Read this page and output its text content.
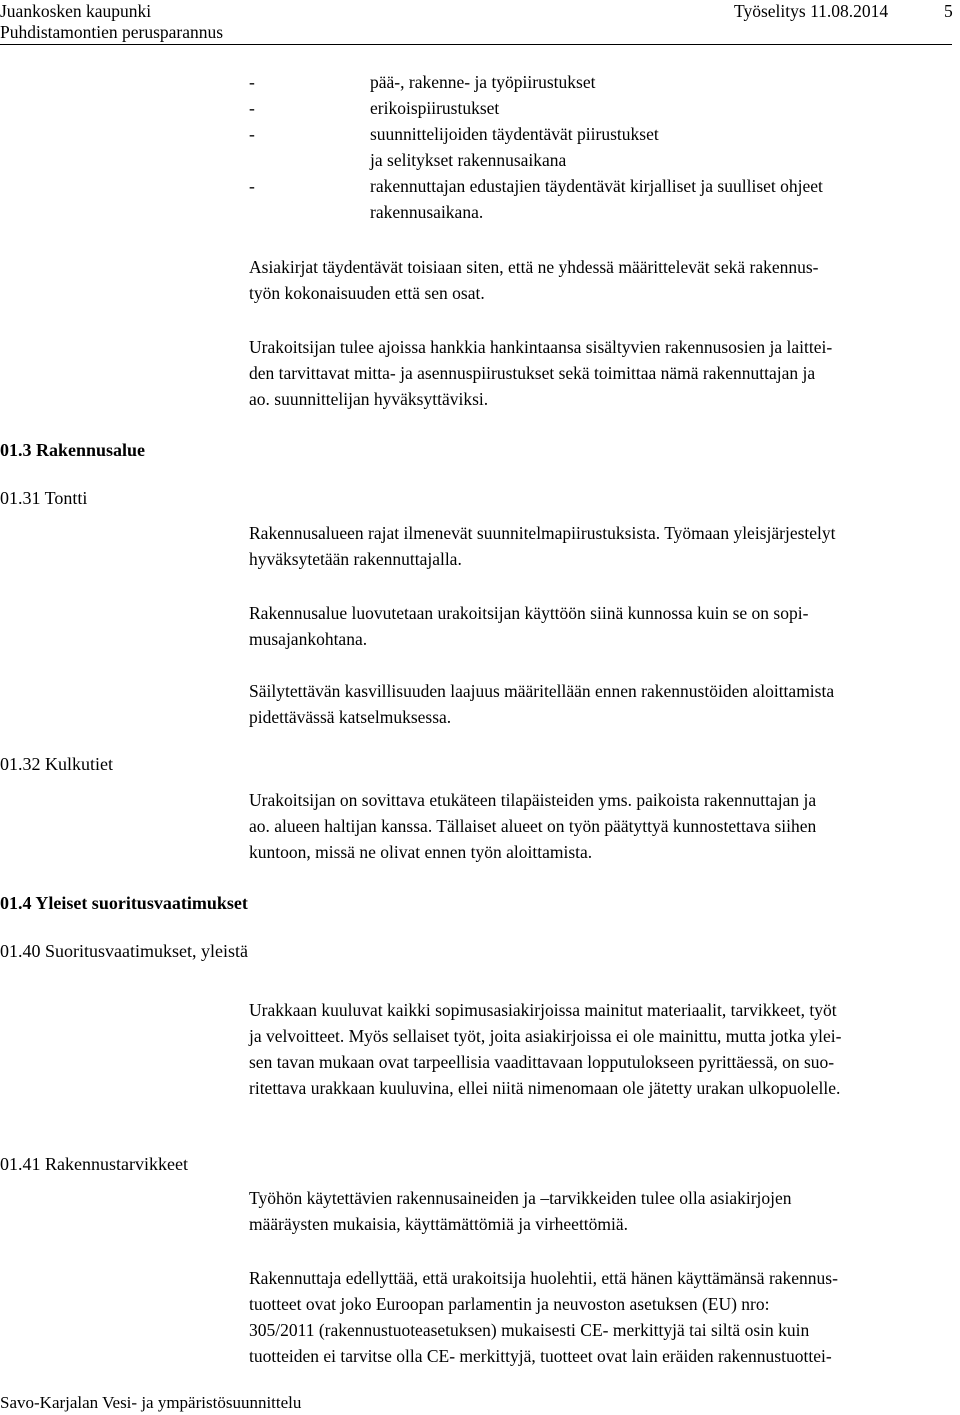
Juankosken kaupunki
Puhdistamontien perusparannus
Työselitys 11.08.2014	5
-	pää-, rakenne- ja työpiirustukset
-	erikoispiirustukset
-	suunnittelijoiden täydentävät piirustukset
ja selitykset rakennusaikana
-	rakennuttajan edustajien täydentävät kirjalliset ja suulliset ohjeet
rakennusaikana.
Asiakirjat täydentävät toisiaan siten, että ne yhdessä määrittelevät sekä rakennus-
työn kokonaisuuden että sen osat.
Urakoitsijan tulee ajoissa hankkia hankintaansa sisältyvien rakennusosien ja laittei-
den tarvittavat mitta- ja asennuspiirustukset sekä toimittaa nämä rakennuttajan ja
ao. suunnittelijan hyväksyttäviksi.
01.3 Rakennusalue
01.31 Tontti
Rakennusalueen rajat ilmenevät suunnitelmapiirustuksista. Työmaan yleisjärjestelyt
hyväksytetään rakennuttajalla.
Rakennusalue luovutetaan urakoitsijan käyttöön siinä kunnossa kuin se on sopi-
musajankohtana.
Säilytettävän kasvillisuuden laajuus määritellään ennen rakennustöiden aloittamista
pidettävässä katselmuksessa.
01.32 Kulkutiet
Urakoitsijan on sovittava etukäteen tilapäisteiden yms. paikoista rakennuttajan ja
ao. alueen haltijan kanssa. Tällaiset alueet on työn päätyttyä kunnostettava siihen
kuntoon, missä ne olivat ennen työn aloittamista.
01.4 Yleiset suoritusvaatimukset
01.40 Suoritusvaatimukset, yleistä
Urakkaan kuuluvat kaikki sopimusasiakirjoissa mainitut materiaalit, tarvikkeet, työt
ja velvoitteet. Myös sellaiset työt, joita asiakirjoissa ei ole mainittu, mutta jotka ylei-
sen tavan mukaan ovat tarpeellisia vaadittavaan lopputulokseen pyrittäessä, on suo-
ritettava urakkaan kuuluvina, ellei niitä nimenomaan ole jätetty urakan ulkopuolelle.
01.41 Rakennustarvikkeet
Työhön käytettävien rakennusaineiden ja –tarvikkeiden tulee olla asiakirjojen
määräysten mukaisia, käyttämättömiä ja virheettömiä.
Rakennuttaja edellyttää, että urakoitsija huolehtii, että hänen käyttämänsä rakennus-
tuotteet ovat joko Euroopan parlamentin ja neuvoston asetuksen (EU) nro:
305/2011 (rakennustuoteasetuksen) mukaisesti CE- merkittyjä tai siltä osin kuin
tuotteiden ei tarvitse olla CE- merkittyjä, tuotteet ovat lain eräiden rakennustuottei-
Savo-Karjalan Vesi- ja ympäristösuunnittelu
